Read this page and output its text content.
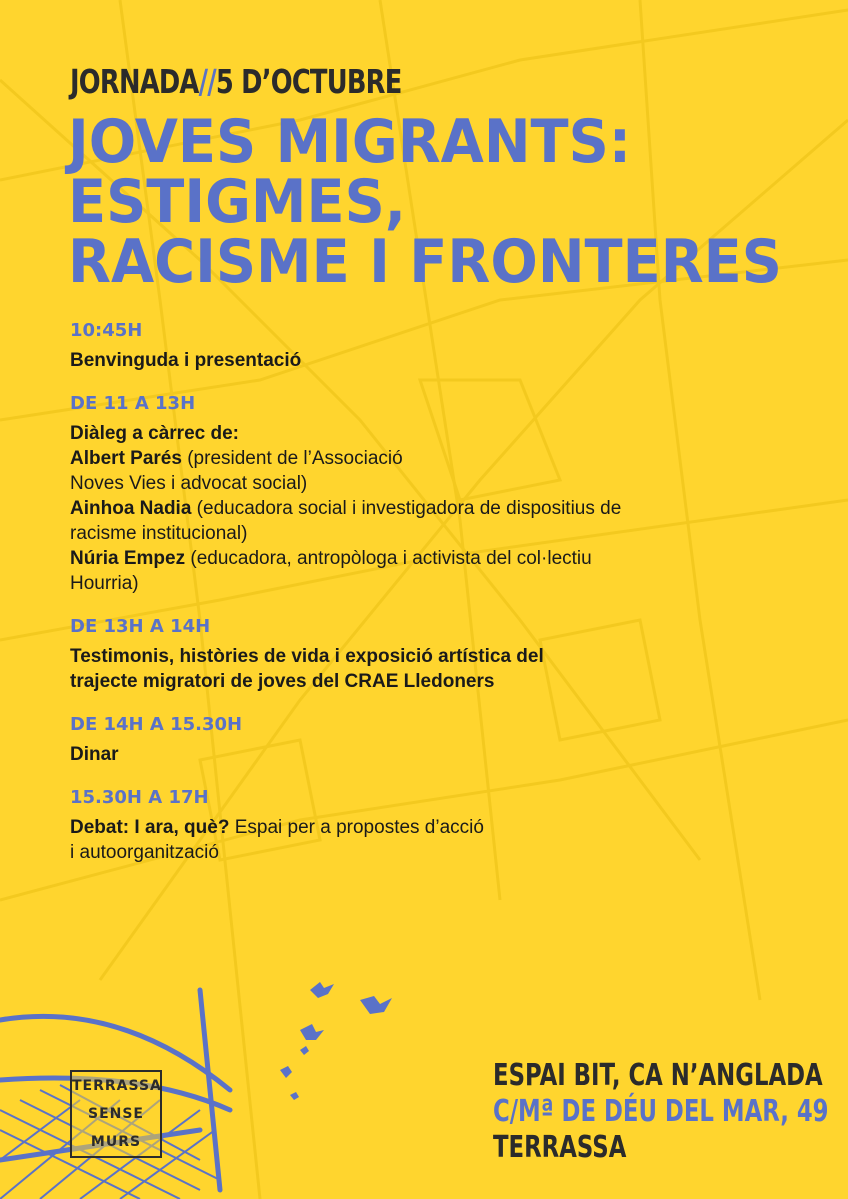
JORNADA//5 D’OCTUBRE
JOVES MIGRANTS:
ESTIGMES,
RACISME I FRONTERES
10:45H
Benvinguda i presentació
DE 11 A 13H
Diàleg a càrrec de:
Albert Parés (president de l’Associació
Noves Vies i advocat social)
Ainhoa Nadia (educadora social i investigadora de dispositius de
racisme institucional)
Núria Empez (educadora, antropòloga i activista del col·lectiu
Hourria)
DE 13H A 14H
Testimonis, històries de vida i exposició artística del
trajecte migratori de joves del CRAE Lledoners
DE 14H A 15.30H
Dinar
15.30H A 17H
Debat: I ara, què? Espai per a propostes d’acció
i autoorganització
TERRASSA
SENSE
MURS
ESPAI BIT, CA N’ANGLADA
C/Mª DE DÉU DEL MAR, 49
TERRASSA
